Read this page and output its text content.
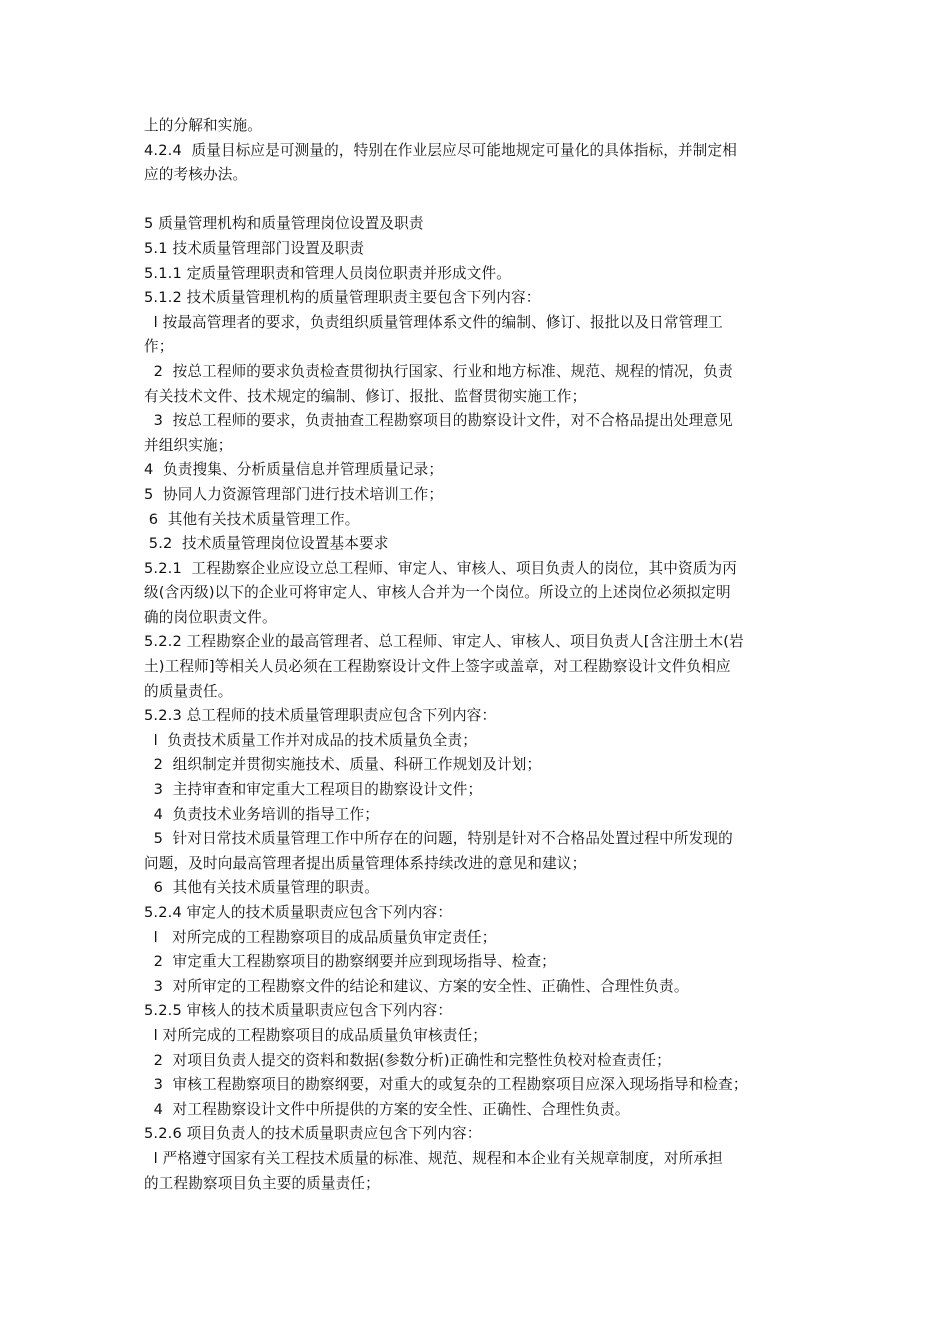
上的分解和实施。
4.2.4  质量目标应是可测量的，特别在作业层应尽可能地规定可量化的具体指标，并制定相
应的考核办法。
5 质量管理机构和质量管理岗位设置及职责
5.1 技术质量管理部门设置及职责
5.1.1 定质量管理职责和管理人员岗位职责并形成文件。
5.1.2 技术质量管理机构的质量管理职责主要包含下列内容：
l 按最高管理者的要求，负责组织质量管理体系文件的编制、修订、报批以及日常管理工
作；
2  按总工程师的要求负责检查贯彻执行国家、行业和地方标准、规范、规程的情况，负责
有关技术文件、技术规定的编制、修订、报批、监督贯彻实施工作；
3  按总工程师的要求，负责抽查工程勘察项目的勘察设计文件，对不合格品提出处理意见
并组织实施；
4  负责搜集、分析质量信息并管理质量记录；
5  协同人力资源管理部门进行技术培训工作；
6  其他有关技术质量管理工作。
5.2  技术质量管理岗位设置基本要求
5.2.1  工程勘察企业应设立总工程师、审定人、审核人、项目负责人的岗位，其中资质为丙
级(含丙级)以下的企业可将审定人、审核人合并为一个岗位。所设立的上述岗位必须拟定明
确的岗位职责文件。
5.2.2 工程勘察企业的最高管理者、总工程师、审定人、审核人、项目负责人[含注册土木(岩
土)工程师]等相关人员必须在工程勘察设计文件上签字或盖章，对工程勘察设计文件负相应
的质量责任。
5.2.3 总工程师的技术质量管理职责应包含下列内容：
l  负责技术质量工作并对成品的技术质量负全责；
2  组织制定并贯彻实施技术、质量、科研工作规划及计划；
3  主持审查和审定重大工程项目的勘察设计文件；
4  负责技术业务培训的指导工作；
5  针对日常技术质量管理工作中所存在的问题，特别是针对不合格品处置过程中所发现的
问题，及时向最高管理者提出质量管理体系持续改进的意见和建议；
6  其他有关技术质量管理的职责。
5.2.4 审定人的技术质量职责应包含下列内容：
l   对所完成的工程勘察项目的成品质量负审定责任；
2  审定重大工程勘察项目的勘察纲要并应到现场指导、检查；
3  对所审定的工程勘察文件的结论和建议、方案的安全性、正确性、合理性负责。
5.2.5 审核人的技术质量职责应包含下列内容：
l 对所完成的工程勘察项目的成品质量负审核责任；
2  对项目负责人提交的资料和数据(参数分析)正确性和完整性负校对检查责任；
3  审核工程勘察项目的勘察纲要，对重大的或复杂的工程勘察项目应深入现场指导和检查；
4  对工程勘察设计文件中所提供的方案的安全性、正确性、合理性负责。
5.2.6 项目负责人的技术质量职责应包含下列内容：
l 严格遵守国家有关工程技术质量的标准、规范、规程和本企业有关规章制度，对所承担
的工程勘察项目负主要的质量责任；
